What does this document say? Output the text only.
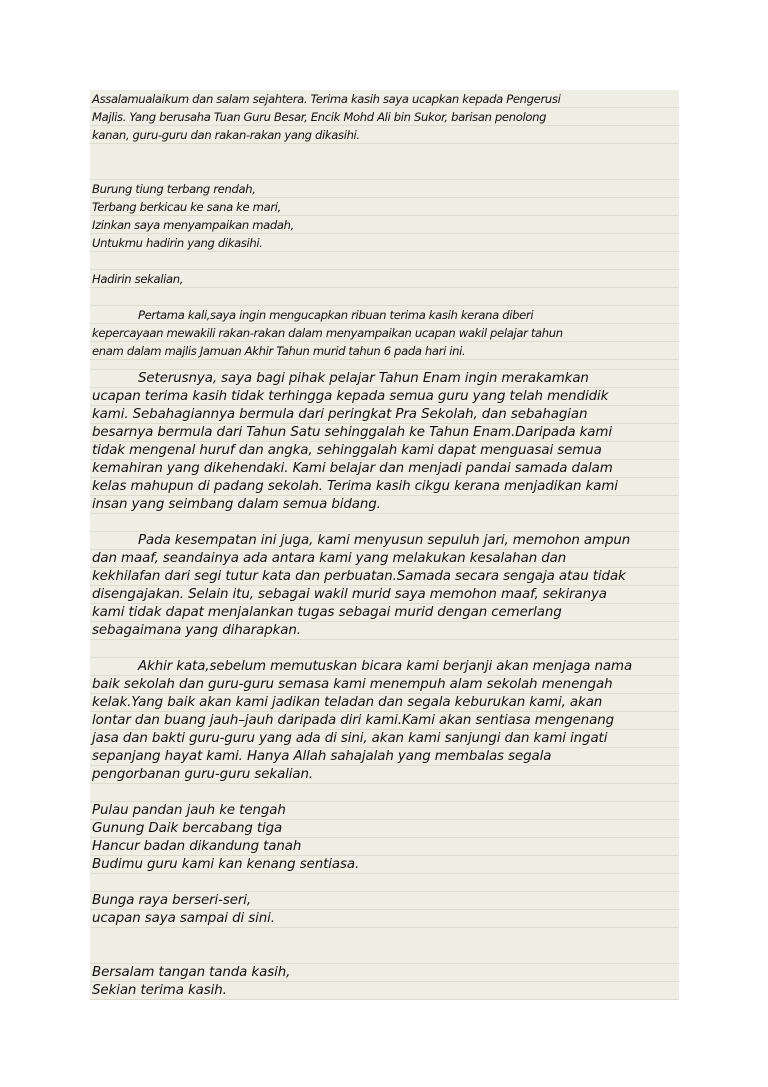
Assalamualaikum dan salam sejahtera. Terima kasih saya ucapkan kepada Pengerusi
Majlis. Yang berusaha Tuan Guru Besar, Encik Mohd Ali bin Sukor, barisan penolong
kanan, guru-guru dan rakan-rakan yang dikasihi.
Burung tiung terbang rendah,
Terbang berkicau ke sana ke mari,
Izinkan saya menyampaikan madah,
Untukmu hadirin yang dikasihi.
Hadirin sekalian,
Pertama kali,saya ingin mengucapkan ribuan terima kasih kerana diberi
kepercayaan mewakili rakan-rakan dalam menyampaikan ucapan wakil pelajar tahun
enam dalam majlis Jamuan Akhir Tahun murid tahun 6 pada hari ini.
Seterusnya, saya bagi pihak pelajar Tahun Enam ingin merakamkan
ucapan terima kasih tidak terhingga kepada semua guru yang telah mendidik
kami. Sebahagiannya bermula dari peringkat Pra Sekolah, dan sebahagian
besarnya bermula dari Tahun Satu sehinggalah ke Tahun Enam.Daripada kami
tidak mengenal huruf dan angka, sehinggalah kami dapat menguasai semua
kemahiran yang dikehendaki. Kami belajar dan menjadi pandai samada dalam
kelas mahupun di padang sekolah. Terima kasih cikgu kerana menjadikan kami
insan yang seimbang dalam semua bidang.
Pada kesempatan ini juga, kami menyusun sepuluh jari, memohon ampun
dan maaf, seandainya ada antara kami yang melakukan kesalahan dan
kekhilafan dari segi tutur kata dan perbuatan.Samada secara sengaja atau tidak
disengajakan. Selain itu, sebagai wakil murid saya memohon maaf, sekiranya
kami tidak dapat menjalankan tugas sebagai murid dengan cemerlang
sebagaimana yang diharapkan.
Akhir kata,sebelum memutuskan bicara kami berjanji akan menjaga nama
baik sekolah dan guru-guru semasa kami menempuh alam sekolah menengah
kelak.Yang baik akan kami jadikan teladan dan segala keburukan kami, akan
lontar dan buang jauh–jauh daripada diri kami.Kami akan sentiasa mengenang
jasa dan bakti guru-guru yang ada di sini, akan kami sanjungi dan kami ingati
sepanjang hayat kami. Hanya Allah sahajalah yang membalas segala
pengorbanan guru-guru sekalian.
Pulau pandan jauh ke tengah
Gunung Daik bercabang tiga
Hancur badan dikandung tanah
Budimu guru kami kan kenang sentiasa.
Bunga raya berseri-seri,
ucapan saya sampai di sini.
Bersalam tangan tanda kasih,
Sekian terima kasih.
